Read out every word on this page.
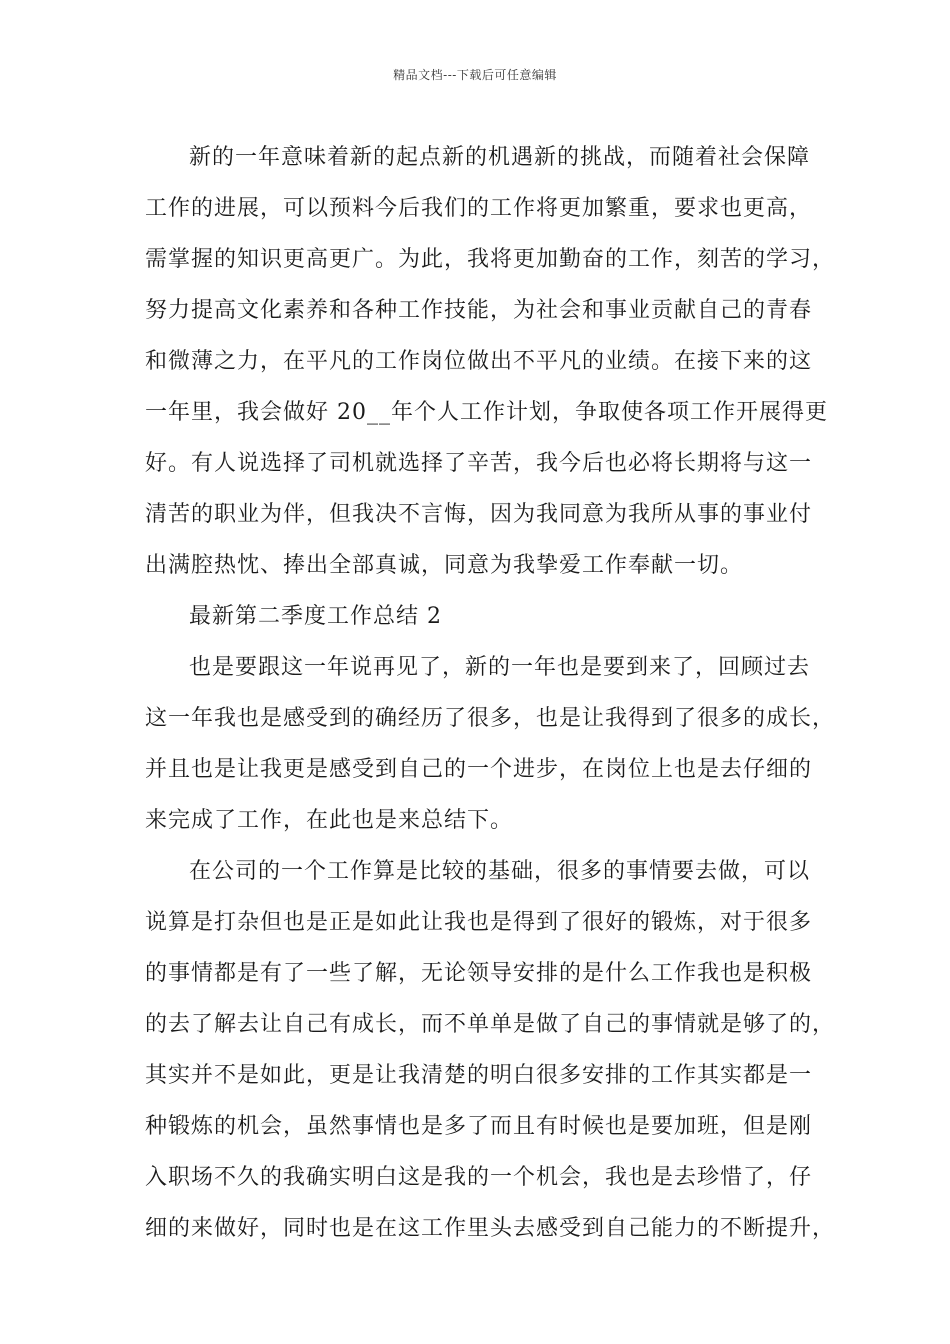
精品文档---下载后可任意编辑
新的一年意味着新的起点新的机遇新的挑战，而随着社会保障
工作的进展，可以预料今后我们的工作将更加繁重，要求也更高，
需掌握的知识更高更广。为此，我将更加勤奋的工作，刻苦的学习，
努力提高文化素养和各种工作技能，为社会和事业贡献自己的青春
和微薄之力，在平凡的工作岗位做出不平凡的业绩。在接下来的这
一年里，我会做好 20__年个人工作计划，争取使各项工作开展得更
好。有人说选择了司机就选择了辛苦，我今后也必将长期将与这一
清苦的职业为伴，但我决不言悔，因为我同意为我所从事的事业付
出满腔热忱、捧出全部真诚，同意为我挚爱工作奉献一切。
最新第二季度工作总结 2
也是要跟这一年说再见了，新的一年也是要到来了，回顾过去
这一年我也是感受到的确经历了很多，也是让我得到了很多的成长，
并且也是让我更是感受到自己的一个进步，在岗位上也是去仔细的
来完成了工作，在此也是来总结下。
在公司的一个工作算是比较的基础，很多的事情要去做，可以
说算是打杂但也是正是如此让我也是得到了很好的锻炼，对于很多
的事情都是有了一些了解，无论领导安排的是什么工作我也是积极
的去了解去让自己有成长，而不单单是做了自己的事情就是够了的，
其实并不是如此，更是让我清楚的明白很多安排的工作其实都是一
种锻炼的机会，虽然事情也是多了而且有时候也是要加班，但是刚
入职场不久的我确实明白这是我的一个机会，我也是去珍惜了，仔
细的来做好，同时也是在这工作里头去感受到自己能力的不断提升，
